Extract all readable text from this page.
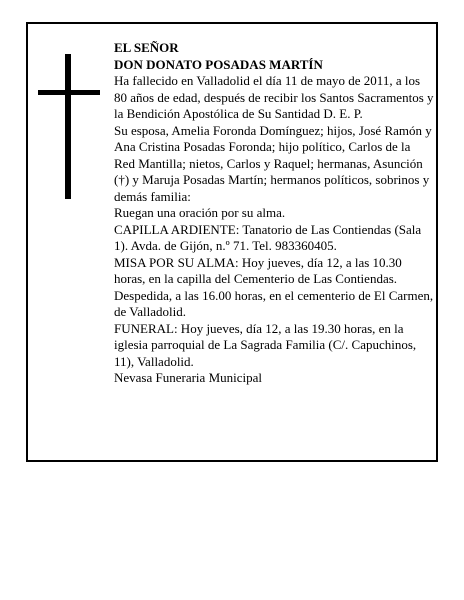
EL SEÑOR

DON DONATO POSADAS MARTÍN

Ha fallecido en Valladolid el día 11 de mayo de 2011, a los 80 años de edad, después de recibir los Santos Sacramentos y la Bendición Apostólica de Su Santidad D. E. P.

Su esposa, Amelia Foronda Domínguez; hijos, José Ramón y Ana Cristina Posadas Foronda; hijo político, Carlos de la Red Mantilla; nietos, Carlos y Raquel; hermanas, Asunción (†) y Maruja Posadas Martín; hermanos políticos, sobrinos y demás familia:

Ruegan una oración por su alma.

CAPILLA ARDIENTE: Tanatorio de Las Contiendas (Sala 1). Avda. de Gijón, n.º 71. Tel. 983360405.

MISA POR SU ALMA: Hoy jueves, día 12, a las 10.30 horas, en la capilla del Cementerio de Las Contiendas.

Despedida, a las 16.00 horas, en el cementerio de El Carmen, de Valladolid.

FUNERAL: Hoy jueves, día 12, a las 19.30 horas, en la iglesia parroquial de La Sagrada Familia (C/. Capuchinos, 11), Valladolid.

Nevasa Funeraria Municipal
